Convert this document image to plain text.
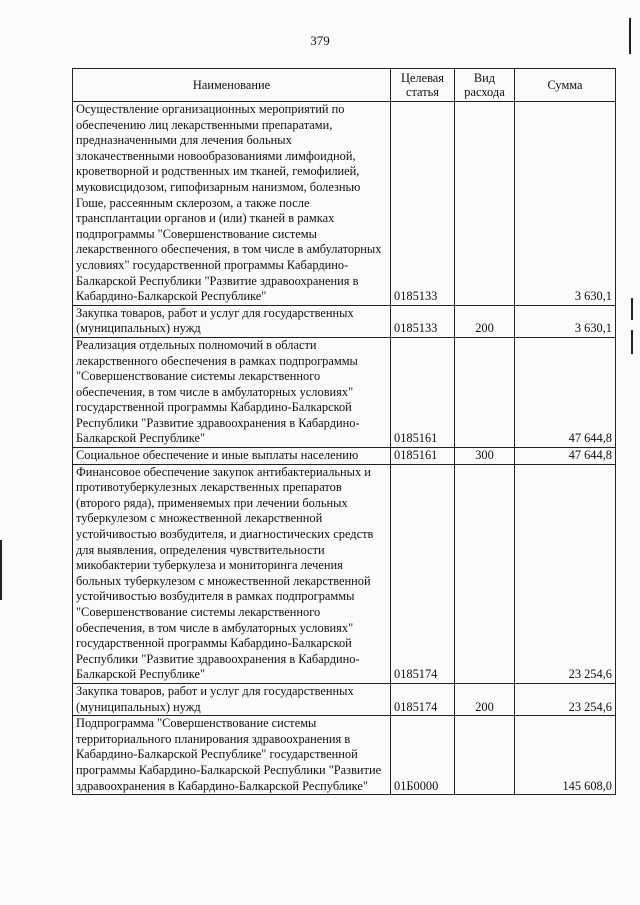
379
Наименование	Целевая статья	Вид расхода	Сумма
Осуществление организационных мероприятий по обеспечению лиц лекарственными препаратами, предназначенными для лечения больных злокачественными новообразованиями лимфоидной, кроветворной и родственных им тканей, гемофилией, муковисцидозом, гипофизарным нанизмом, болезнью Гоше, рассеянным склерозом, а также после трансплантации органов и (или) тканей в рамках подпрограммы "Совершенствование системы лекарственного обеспечения, в том числе в амбулаторных условиях" государственной программы Кабардино-Балкарской Республики "Развитие здравоохранения в Кабардино-Балкарской Республике"	0185133		3 630,1
Закупка товаров, работ и услуг для государственных (муниципальных) нужд	0185133	200	3 630,1
Реализация отдельных полномочий в области лекарственного обеспечения в рамках подпрограммы "Совершенствование системы лекарственного обеспечения, в том числе в амбулаторных условиях" государственной программы Кабардино-Балкарской Республики "Развитие здравоохранения в Кабардино-Балкарской Республике"	0185161		47 644,8
Социальное обеспечение и иные выплаты населению	0185161	300	47 644,8
Финансовое обеспечение закупок антибактериальных и противотуберкулезных лекарственных препаратов (второго ряда), применяемых при лечении больных туберкулезом с множественной лекарственной устойчивостью возбудителя, и диагностических средств для выявления, определения чувствительности микобактерии туберкулеза и мониторинга лечения больных туберкулезом с множественной лекарственной устойчивостью возбудителя в рамках подпрограммы "Совершенствование системы лекарственного обеспечения, в том числе в амбулаторных условиях" государственной программы Кабардино-Балкарской Республики "Развитие здравоохранения в Кабардино-Балкарской Республике"	0185174		23 254,6
Закупка товаров, работ и услуг для государственных (муниципальных) нужд	0185174	200	23 254,6
Подпрограмма "Совершенствование системы территориального планирования здравоохранения в Кабардино-Балкарской Республике" государственной программы Кабардино-Балкарской Республики "Развитие здравоохранения в Кабардино-Балкарской Республике"	01Б0000		145 608,0
